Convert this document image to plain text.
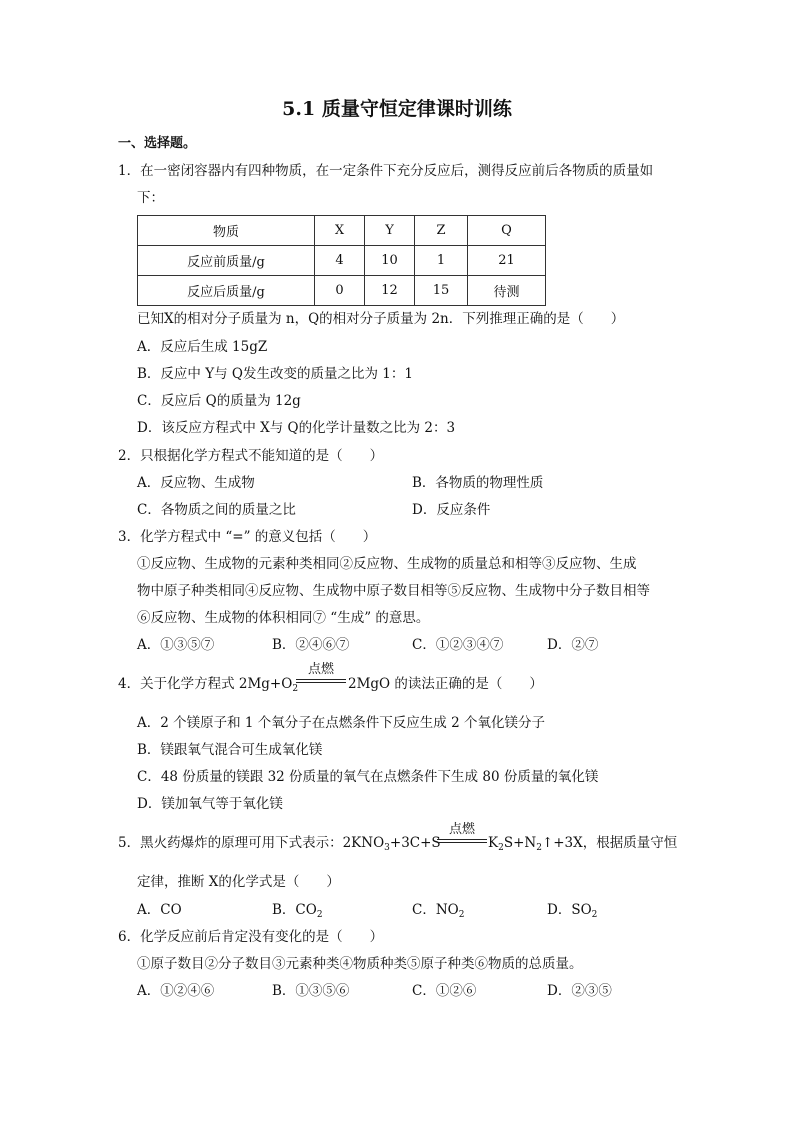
5.1 质量守恒定律课时训练
一、选择题。
1．在一密闭容器内有四种物质，在一定条件下充分反应后，测得反应前后各物质的质量如
下：
物质	X	Y	Z	Q
反应前质量/g	4	10	1	21
反应后质量/g	0	12	15	待测
已知X的相对分子质量为 n，Q的相对分子质量为 2n．下列推理正确的是（　　）
A．反应后生成 15gZ
B．反应中 Y与 Q发生改变的质量之比为 1：1
C．反应后 Q的质量为 12g
D．该反应方程式中 X与 Q的化学计量数之比为 2：3
2．只根据化学方程式不能知道的是（　　）
A．反应物、生成物	B．各物质的物理性质
C．各物质之间的质量之比	D．反应条件
3．化学方程式中 “=” 的意义包括（　　）
①反应物、生成物的元素种类相同②反应物、生成物的质量总和相等③反应物、生成
物中原子种类相同④反应物、生成物中原子数目相等⑤反应物、生成物中分子数目相等
⑥反应物、生成物的体积相同⑦ “生成” 的意思。
A．①③⑤⑦	B．②④⑥⑦	C．①②③④⑦	D．②⑦
4．关于化学方程式 $2Mg+O_2$
点燃
2MgO 的读法正确的是（　　）
A．2 个镁原子和 1 个氧分子在点燃条件下反应生成 2 个氧化镁分子
B．镁跟氧气混合可生成氧化镁
C．48 份质量的镁跟 32 份质量的氧气在点燃条件下生成 80 份质量的氧化镁
D．镁加氧气等于氧化镁
5．黑火药爆炸的原理可用下式表示：$2KNO_3+3C+S$
点燃
$K_2S+N_2↑+3X$，根据质量守恒
定律，推断 X的化学式是（　　）
A．CO	B．$CO_2$	C．$NO_2$	D．$SO_2$
6．化学反应前后肯定没有变化的是（　　）
①原子数目②分子数目③元素种类④物质种类⑤原子种类⑥物质的总质量。
A．①②④⑥	B．①③⑤⑥	C．①②⑥	D．②③⑤
